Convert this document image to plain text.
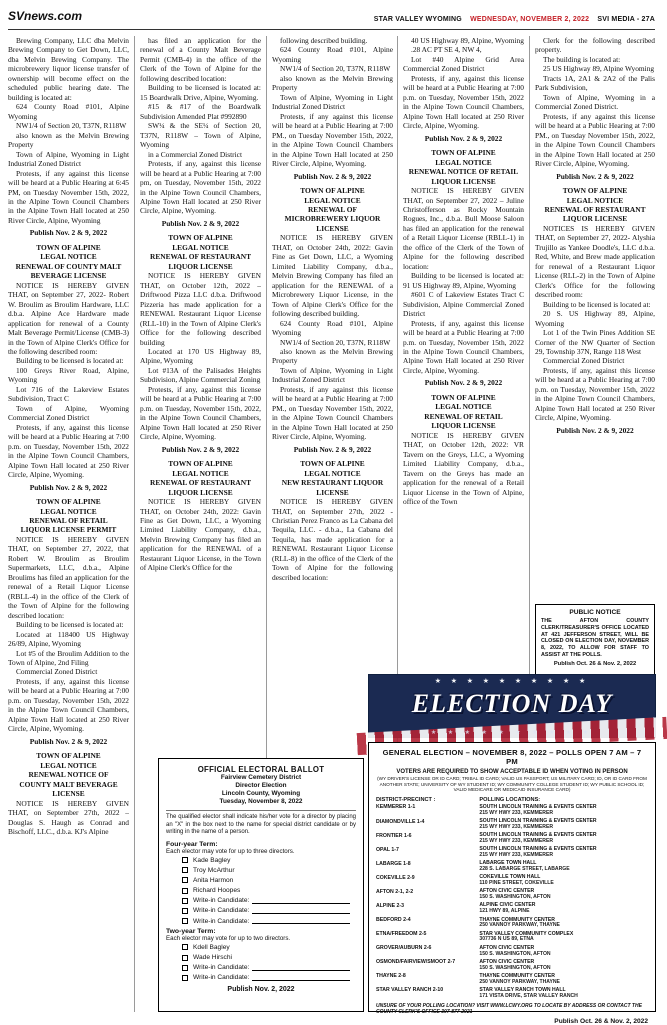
SVnews.com	STAR VALLEY WYOMING WEDNESDAY, NOVEMBER 2, 2022 SVI MEDIA - 27A

Brewing Company, LLC dba Melvin Brewing Company to Get Down, LLC, dba Melvin Brewing Company. The microbrewery liquor license transfer of ownership will become effect on the scheduled public hearing date. The building is located at:

624 County Road #101, Alpine Wyoming

NW1/4 of Section 20, T37N, R118W

also known as the Melvin Brewing Property

Town of Alpine, Wyoming in Light Industrial Zoned District

Protests, if any against this license will be heard at a Public Hearing at 6:45 PM, on Tuesday November 15th, 2022, in the Alpine Town Council Chambers in the Alpine Town Hall located at 250 River Circle, Alpine, Wyoming

Publish Nov. 2 & 9, 2022
TOWN OF ALPINE
LEGAL NOTICE
RENEWAL OF COUNTY MALT
BEVERAGE LICENSE

NOTICE IS HEREBY GIVEN THAT, on September 27, 2022- Robert W. Broulim as Broulim Hardware, LLC d.b.a. Alpine Ace Hardware made application for renewal of a County Malt Beverage Permit/License (CMB-3) in the Town of Alpine Clerk's Office for the following described room:

Building to be licensed is located at:

100 Greys River Road, Alpine, Wyoming

Lot 716 of the Lakeview Estates Subdivision, Tract C

Town of Alpine, Wyoming Commercial Zoned District

Protests, if any, against this license will be heard at a Public Hearing at 7:00 p.m. on Tuesday, November 15th, 2022 in the Alpine Town Council Chambers, Alpine Town Hall located at 250 River Circle, Alpine, Wyoming.

Publish Nov. 2 & 9, 2022
TOWN OF ALPINE
LEGAL NOTICE
RENEWAL OF RETAIL
LIQUOR LICENSE PERMIT

NOTICE IS HEREBY GIVEN THAT, on September 27, 2022, that Robert W. Broulim as Broulim Supermarkets, LLC, d.b.a., Alpine Broulims has filed an application for the renewal of a Retail Liquor License (RBLL-4) in the office of the Clerk of the Town of Alpine for the following described location:

Building to be licensed is located at:

Located at 118400 US Highway 26/89, Alpine, Wyoming

Lot #5 of the Broulim Addition to the Town of Alpine, 2nd Filing

Commercial Zoned District

Protests, if any, against this license will be heard at a Public Hearing at 7:00 p.m. on Tuesday, November 15th, 2022 in the Alpine Town Council Chambers, Alpine Town Hall located at 250 River Circle, Alpine, Wyoming.

Publish Nov. 2 & 9, 2022
TOWN OF ALPINE
LEGAL NOTICE
RENEWAL NOTICE OF
COUNTY MALT BEVERAGE
LICENSE

NOTICE IS HEREBY GIVEN THAT, on September 27th, 2022 – Douglas S. Haugh as Conrad and Bischoff, LLC., d.b.a. KJ's Alpine

has filed an application for the renewal of a County Malt Beverage Permit (CMB-4) in the office of the Clerk of the Town of Alpine for the following described location:

Building to be licensed is located at: 15 Boardwalk Drive, Alpine, Wyoming.

#15 & #17 of the Boardwalk Subdivision Amended Plat #992890

SW¼ & the SE¼ of Section 20, T37N, R118W – Town of Alpine, Wyoming

in a Commercial Zoned District

Protests, if any, against this license will be heard at a Public Hearing at 7:00 pm, on Tuesday, November 15th, 2022 in the Alpine Town Council Chambers, Alpine Town Hall located at 250 River Circle, Alpine, Wyoming.

Publish Nov. 2 & 9, 2022
TOWN OF ALPINE
LEGAL NOTICE
RENEWAL OF RESTAURANT
LIQUOR LICENSE

NOTICE IS HEREBY GIVEN THAT, on October 12th, 2022 –Driftwood Pizza LLC d.b.a. Driftwood Pizzeria has made application for a RENEWAL Restaurant Liquor License (RLL-10) in the Town of Alpine Clerk's Office for the following described building

Located at 170 US Highway 89, Alpine, Wyoming

Lot #13A of the Palisades Heights Subdivision, Alpine Commercial Zoning

Protests, if any, against this license will be heard at a Public Hearing at 7:00 p.m. on Tuesday, November 15th, 2022, in the Alpine Town Council Chambers, Alpine Town Hall located at 250 River Circle, Alpine, Wyoming.

Publish Nov. 2 & 9, 2022
TOWN OF ALPINE
LEGAL NOTICE
RENEWAL OF RESTAURANT
LIQUOR LICENSE

NOTICE IS HEREBY GIVEN THAT, on October 24th, 2022: Gavin Fine as Get Down, LLC, a Wyoming Limited Liability Company, d.b.a., Melvin Brewing Company has filed an application for the RENEWAL of a Restaurant Liquor License, in the Town of Alpine Clerk's Office for the

following described building.

624 County Road #101, Alpine Wyoming

NW1/4 of Section 20, T37N, R118W

also known as the Melvin Brewing Property

Town of Alpine, Wyoming in Light Industrial Zoned District

Protests, if any against this license will be heard at a Public Hearing at 7:00 PM., on Tuesday November 15th, 2022, in the Alpine Town Council Chambers in the Alpine Town Hall located at 250 River Circle, Alpine, Wyoming.

Publish Nov. 2 & 9, 2022
TOWN OF ALPINE
LEGAL NOTICE
RENEWAL OF
MICROBREWERY LIQUOR
LICENSE

NOTICE IS HEREBY GIVEN THAT, on October 24th, 2022: Gavin Fine as Get Down, LLC, a Wyoming Limited Liability Company, d.b.a., Melvin Brewing Company has filed an application for the RENEWAL of a Microbrewery Liquor License, in the Town of Alpine Clerk's Office for the following described building.

624 County Road #101, Alpine Wyoming

NW1/4 of Section 20, T37N, R118W

also known as the Melvin Brewing Property

Town of Alpine, Wyoming in Light Industrial Zoned District

Protests, if any against this license will be heard at a Public Hearing at 7:00 PM., on Tuesday November 15th, 2022, in the Alpine Town Council Chambers in the Alpine Town Hall located at 250 River Circle, Alpine, Wyoming.

Publish Nov. 2 & 9, 2022
TOWN OF ALPINE
LEGAL NOTICE
NEW RESTAURANT LIQUOR
LICENSE

NOTICE IS HEREBY GIVEN THAT, on September 27th, 2022 - Christian Perez Franco as La Cabana del Tequila, LLC. - d.b.a., La Cabana del Tequila, has made application for a RENEWAL Restaurant Liquor License (RLL-8) in the office of the Clerk of the Town of Alpine for the following described location:

40 US Highway 89, Alpine, Wyoming

.28 AC PT SE 4, NW 4,

Lot #40 Alpine Grid Area Commercial Zoned District

Protests, if any, against this license will be heard at a Public Hearing at 7:00 p.m. on Tuesday, November 15th, 2022 in the Alpine Town Council Chambers, Alpine Town Hall located at 250 River Circle, Alpine, Wyoming.

Publish Nov. 2 & 9, 2022
TOWN OF ALPINE
LEGAL NOTICE
RENEWAL NOTICE OF RETAIL
LIQUOR LICENSE

NOTICE IS HEREBY GIVEN THAT, on September 27, 2022 – Juline Christofferson as Rocky Mountain Rogues, Inc., d.b.a. Bull Moose Saloon has filed an application for the renewal of a Retail Liquor License (RBLL-1) in the office of the Clerk of the Town of Alpine for the following described location:

Building to be licensed is located at: 91 US Highway 89, Alpine, Wyoming

#601 C of Lakeview Estates Tract C Subdivision, Alpine Commercial Zoned District

Protests, if any, against this license will be heard at a Public Hearing at 7:00 p.m. on Tuesday, November 15th, 2022 in the Alpine Town Council Chambers, Alpine Town Hall located at 250 River Circle, Alpine, Wyoming.

Publish Nov. 2 & 9, 2022
TOWN OF ALPINE
LEGAL NOTICE
RENEWAL OF RETAIL
LIQUOR LICENSE

NOTICE IS HEREBY GIVEN THAT, on October 12th, 2022: VR Tavern on the Greys, LLC, a Wyoming Limited Liability Company, d.b.a., Tavern on the Greys has made an application for the renewal of a Retail Liquor License in the Town of Alpine, office of the Town

Clerk for the following described property.

The building is located at:

25 US Highway 89, Alpine Wyoming

Tracts 1A, 2A1 & 2A2 of the Palis Park Subdivision,

Town of Alpine, Wyoming in a Commercial Zoned District.

Protests, if any against this license will be heard at a Public Hearing at 7:00 PM., on Tuesday November 15th, 2022, in the Alpine Town Council Chambers in the Alpine Town Hall located at 250 River Circle, Alpine, Wyoming.

Publish Nov. 2 & 9, 2022
TOWN OF ALPINE
LEGAL NOTICE
RENEWAL OF RESTAURANT
LIQUOR LICENSE

NOTICES IS HEREBY GIVEN THAT, on September 27, 2022- Alyshia Trujillo as Yankee Doodle's, LLC d.b.a. Red, White, and Brew made application for renewal of a Restaurant Liquor License (RLL-2) in the Town of Alpine Clerk's Office for the following described room:

Building to be licensed is located at:

20 S. US Highway 89, Alpine, Wyoming

Lot 1 of the Twin Pines Addition SE Corner of the NW Quarter of Section 29, Township 37N, Range 118 West

Commercial Zoned District

Protests, if any, against this license will be heard at a Public Hearing at 7:00 p.m. on Tuesday, November 15th, 2022 in the Alpine Town Council Chambers, Alpine Town Hall located at 250 River Circle, Alpine, Wyoming.

Publish Nov. 2 & 9, 2022
PUBLIC NOTICE
THE AFTON COUNTY CLERK/TREASURER'S OFFICE LOCATED AT 421 JEFFERSON STREET, WILL BE CLOSED ON ELECTION DAY, NOVEMBER 8, 2022, TO ALLOW FOR STAFF TO ASSIST AT THE POLLS.
Publish Oct. 26 & Nov. 2, 2022
OFFICIAL ELECTORAL BALLOT
Fairview Cemetery District
Director Election
Lincoln County, Wyoming
Tuesday, November 8, 2022
The qualified elector shall indicate his/her vote for a director by placing an "X" in the box next to the name for special district candidate or by writing in the name of a person.
Four-year Term:
Each elector may vote for up to three directors.
Kade Bagley
Troy McArthur
Anita Harmon
Richard Hoopes
Write-in Candidate:
Write-in Candidate:
Write-in Candidate:
Two-year Term:
Each elector may vote for up to two directors.
Kdell Bagley
Wade Hirschi
Write-in Candidate:
Write-in Candidate:
Publish Nov. 2, 2022
★ ★ ★ ★ ★ ★ ★ ★ ★ ★
★ ★ ★ ★ ★ ★ ★ ★ ★ ★
ELECTION DAY
GENERAL ELECTION – NOVEMBER 8, 2022 – POLLS OPEN 7 AM – 7 PM
VOTERS ARE REQUIRED TO SHOW ACCEPTABLE ID WHEN VOTING IN PERSON
(WY DRIVER'S LICENSE OR ID CARD; TRIBAL ID CARD; VALID US PASSPORT; US MILITARY CARD; ID, OR ID CARD FROM ANOTHER STATE; UNIVERSITY OF WY STUDENT ID; WY COMMUNITY COLLEGE STUDENT ID; WY PUBLIC SCHOOL ID; VALID MEDICARE OR MEDICAID INSURANCE CARD)
DISTRICT-PRECINCT :	POLLING LOCATIONS:
KEMMERER 1-1	SOUTH LINCOLN TRAINING & EVENTS CENTER
215 WY HWY 233, KEMMERER
DIAMONDVILLE 1-4	SOUTH LINCOLN TRAINING & EVENTS CENTER
215 WY HWY 233, KEMMERER
FRONTIER 1-6	SOUTH LINCOLN TRAINING & EVENTS CENTER
215 WY HWY 233, KEMMERER
OPAL 1-7	SOUTH LINCOLN TRAINING & EVENTS CENTER
215 WY HWY 233, KEMMERER
LABARGE 1-8	LABARGE TOWN HALL
228 S. LABARGE STREET, LABARGE
COKEVILLE 2-9	COKEVILLE TOWN HALL
110 PINE STREET, COKEVILLE
AFTON 2-1, 2-2	AFTON CIVIC CENTER
150 S. WASHINGTON, AFTON
ALPINE 2-3	ALPINE CIVIC CENTER
121 HWY 89, ALPINE
BEDFORD 2-4	THAYNE COMMUNITY CENTER
250 VANNOY PARKWAY, THAYNE
ETNA/FREEDOM 2-5	STAR VALLEY COMMUNITY COMPLEX
307736 N US 89, ETNA
GROVER/AUBURN 2-6	AFTON CIVIC CENTER
150 S. WASHINGTON, AFTON
OSMOND/FAIRVIEW/SMOOT 2-7	AFTON CIVIC CENTER
150 S. WASHINGTON, AFTON
THAYNE 2-8	THAYNE COMMUNITY CENTER
250 VANNOY PARKWAY, THAYNE
STAR VALLEY RANCH 2-10	STAR VALLEY RANCH TOWN HALL
171 VISTA DRIVE, STAR VALLEY RANCH
UNSURE OF YOUR POLLING LOCATION? VISIT WWW.LCWY.ORG TO LOCATE BY ADDRESS OR CONTACT THE COUNTY CLERK'S OFFICE 307-877-2021
Publish Oct. 26 & Nov. 2, 2022
